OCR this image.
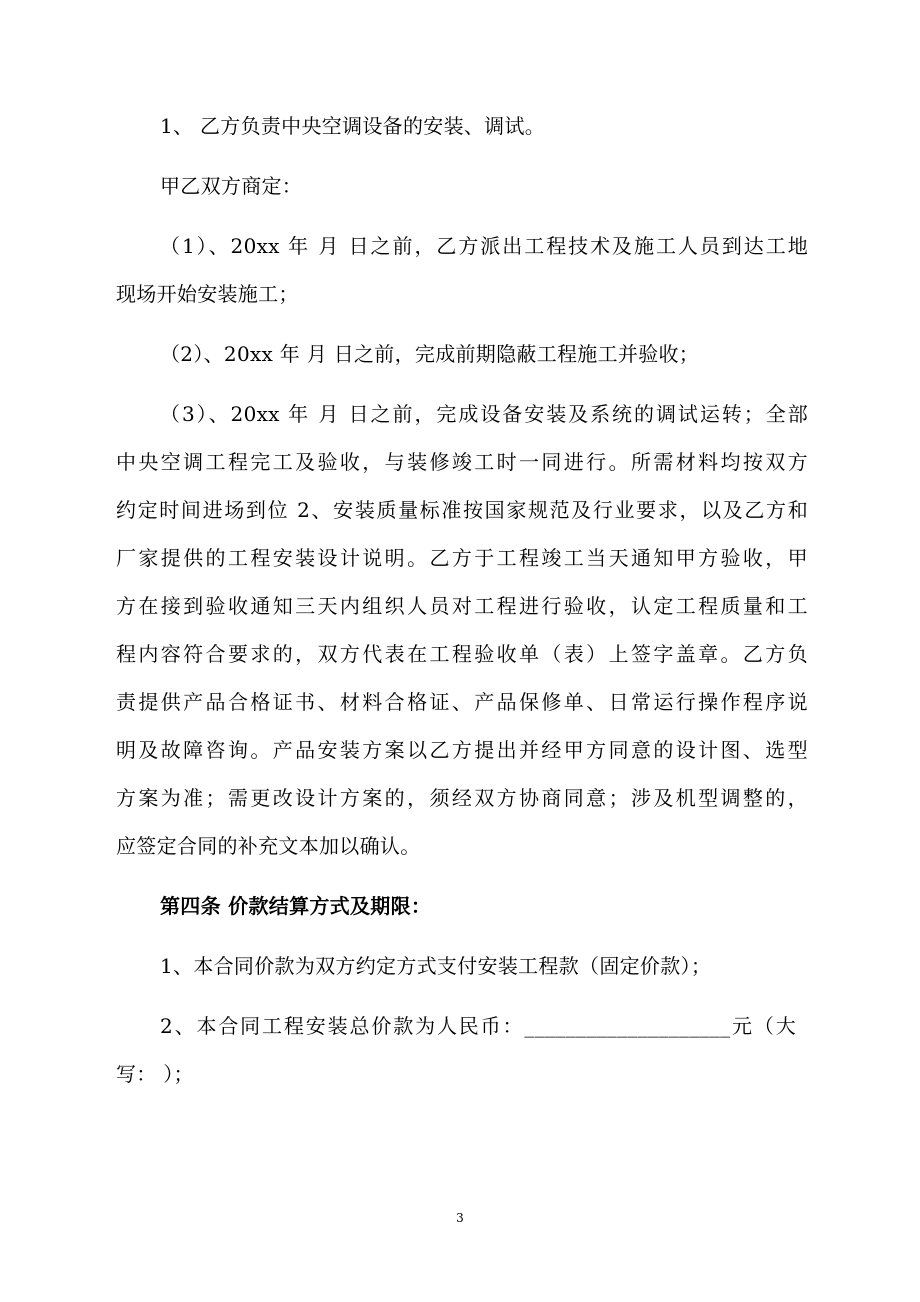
1、 乙方负责中央空调设备的安装、调试。

甲乙双方商定：

（1）、20xx 年 月 日之前，乙方派出工程技术及施工人员到达工地

现场开始安装施工；

（2）、20xx 年 月 日之前，完成前期隐蔽工程施工并验收；

（3）、20xx 年 月 日之前，完成设备安装及系统的调试运转；全部

中央空调工程完工及验收，与装修竣工时一同进行。所需材料均按双方

约定时间进场到位 2、安装质量标准按国家规范及行业要求，以及乙方和

厂家提供的工程安装设计说明。乙方于工程竣工当天通知甲方验收，甲

方在接到验收通知三天内组织人员对工程进行验收，认定工程质量和工

程内容符合要求的，双方代表在工程验收单（表）上签字盖章。乙方负

责提供产品合格证书、材料合格证、产品保修单、日常运行操作程序说

明及故障咨询。产品安装方案以乙方提出并经甲方同意的设计图、选型

方案为准；需更改设计方案的，须经双方协商同意；涉及机型调整的，

应签定合同的补充文本加以确认。

第四条 价款结算方式及期限：

1、本合同价款为双方约定方式支付安装工程款（固定价款）；

2、本合同工程安装总价款为人民币：____________________元（大

写： ）；

3
